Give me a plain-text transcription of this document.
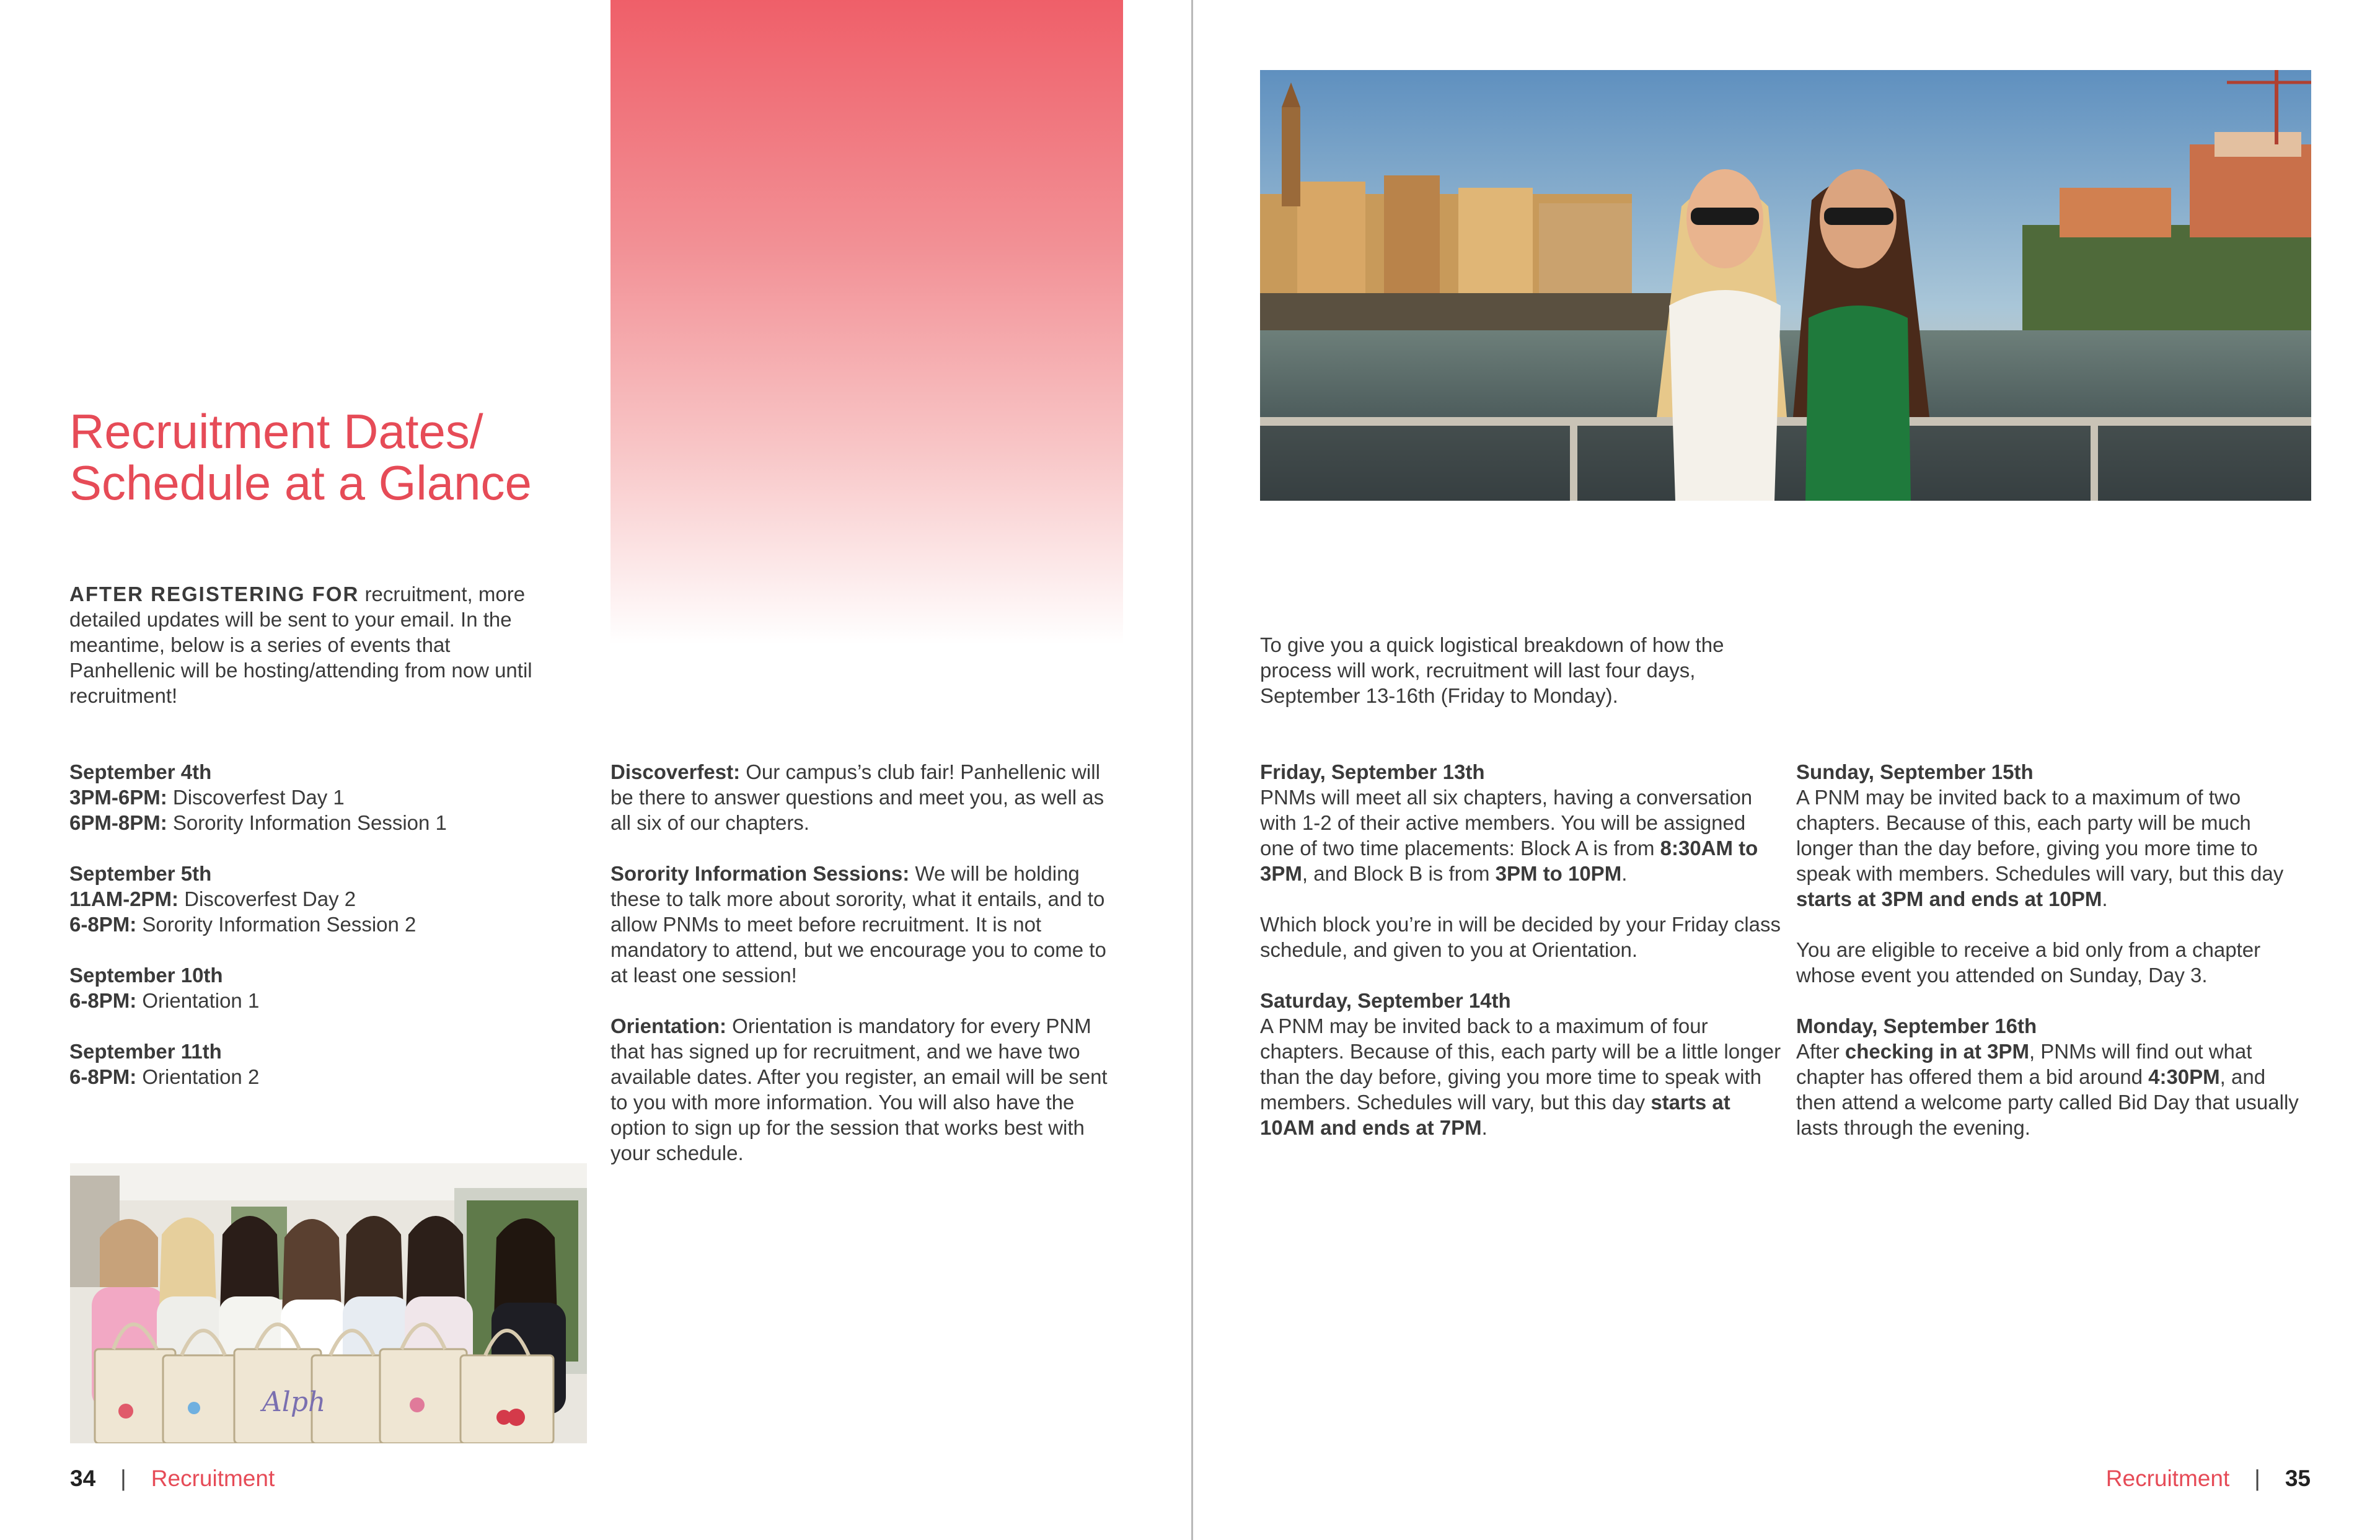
Recruitment Dates/
Schedule at a Glance

AFTER REGISTERING FOR recruitment, more detailed updates will be sent to your email. In the meantime, below is a series of events that Panhellenic will be hosting/attending from now until recruitment!

September 4th
3PM-6PM: Discoverfest Day 1
6PM-8PM: Sorority Information Session 1
September 5th
11AM-2PM: Discoverfest Day 2
6-8PM: Sorority Information Session 2
September 10th
6-8PM: Orientation 1
September 11th
6-8PM: Orientation 2

Discoverfest: Our campus’s club fair! Panhellenic will be there to answer questions and meet you, as well as all six of our chapters.

Sorority Information Sessions: We will be holding these to talk more about sorority, what it entails, and to allow PNMs to meet before recruitment. It is not mandatory to attend, but we encourage you to come to at least one session!

Orientation: Orientation is mandatory for every PNM that has signed up for recruitment, and we have two available dates. After you register, an email will be sent to you with more information. You will also have the option to sign up for the session that works best with your schedule.

Alph
34 | Recruitment

To give you a quick logistical breakdown of how the process will work, recruitment will last four days, September 13-16th (Friday to Monday).

Friday, September 13th
PNMs will meet all six chapters, having a conversation with 1-2 of their active members. You will be assigned one of two time placements: Block A is from 8:30AM to 3PM, and Block B is from 3PM to 10PM.

Which block you’re in will be decided by your Friday class schedule, and given to you at Orientation.

Saturday, September 14th
A PNM may be invited back to a maximum of four chapters. Because of this, each party will be a little longer than the day before, giving you more time to speak with members. Schedules will vary, but this day starts at 10AM and ends at 7PM.
Sunday, September 15th
A PNM may be invited back to a maximum of two chapters. Because of this, each party will be much longer than the day before, giving you more time to speak with members. Schedules will vary, but this day starts at 3PM and ends at 10PM.

You are eligible to receive a bid only from a chapter whose event you attended on Sunday, Day 3.

Monday, September 16th
After checking in at 3PM, PNMs will find out what chapter has offered them a bid around 4:30PM, and then attend a welcome party called Bid Day that usually lasts through the evening.
Recruitment | 35
